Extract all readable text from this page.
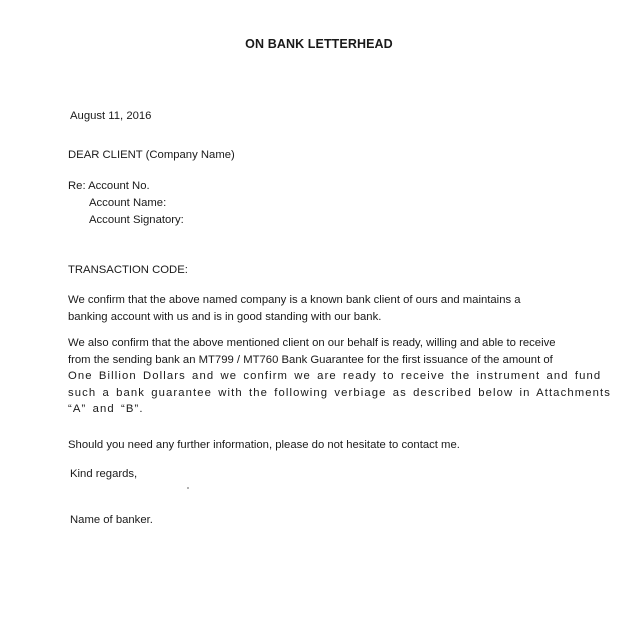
ON BANK LETTERHEAD
August 11, 2016
DEAR CLIENT (Company Name)
Re: Account No.
Account Name:
Account Signatory:
TRANSACTION CODE:
We confirm that the above named company is a known bank client of ours and maintains a
banking account with us and is in good standing with our bank.
We also confirm that the above mentioned client on our behalf is ready, willing and able to receive
from the sending bank an MT799 / MT760 Bank Guarantee for the first issuance of the amount of
One Billion Dollars and we confirm we are ready to receive the instrument and fund
such a bank guarantee with the following verbiage as described below in Attachments
“A” and “B”.
Should you need any further information, please do not hesitate to contact me.
Kind regards,
Name of banker.
